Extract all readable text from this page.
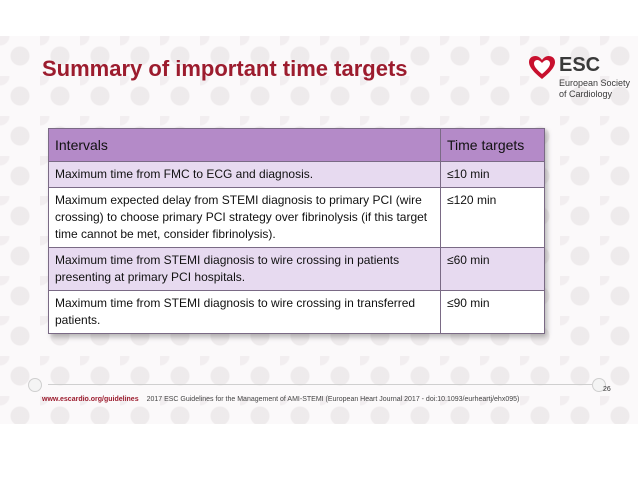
Summary of important time targets	ESC
European Society
of Cardiology
Intervals	Time targets
Maximum time from FMC to ECG and diagnosis.	≤10 min
Maximum expected delay from STEMI diagnosis to primary PCI (wire crossing) to choose primary PCI strategy over fibrinolysis (if this target time cannot be met, consider fibrinolysis).	≤120 min
Maximum time from STEMI diagnosis to wire crossing in patients presenting at primary PCI hospitals.	≤60 min
Maximum time from STEMI diagnosis to wire crossing in transferred patients.	≤90 min
www.escardio.org/guidelines 2017 ESC Guidelines for the Management of AMI-STEMI (European Heart Journal 2017 - doi:10.1093/eurheartj/ehx095)
26
